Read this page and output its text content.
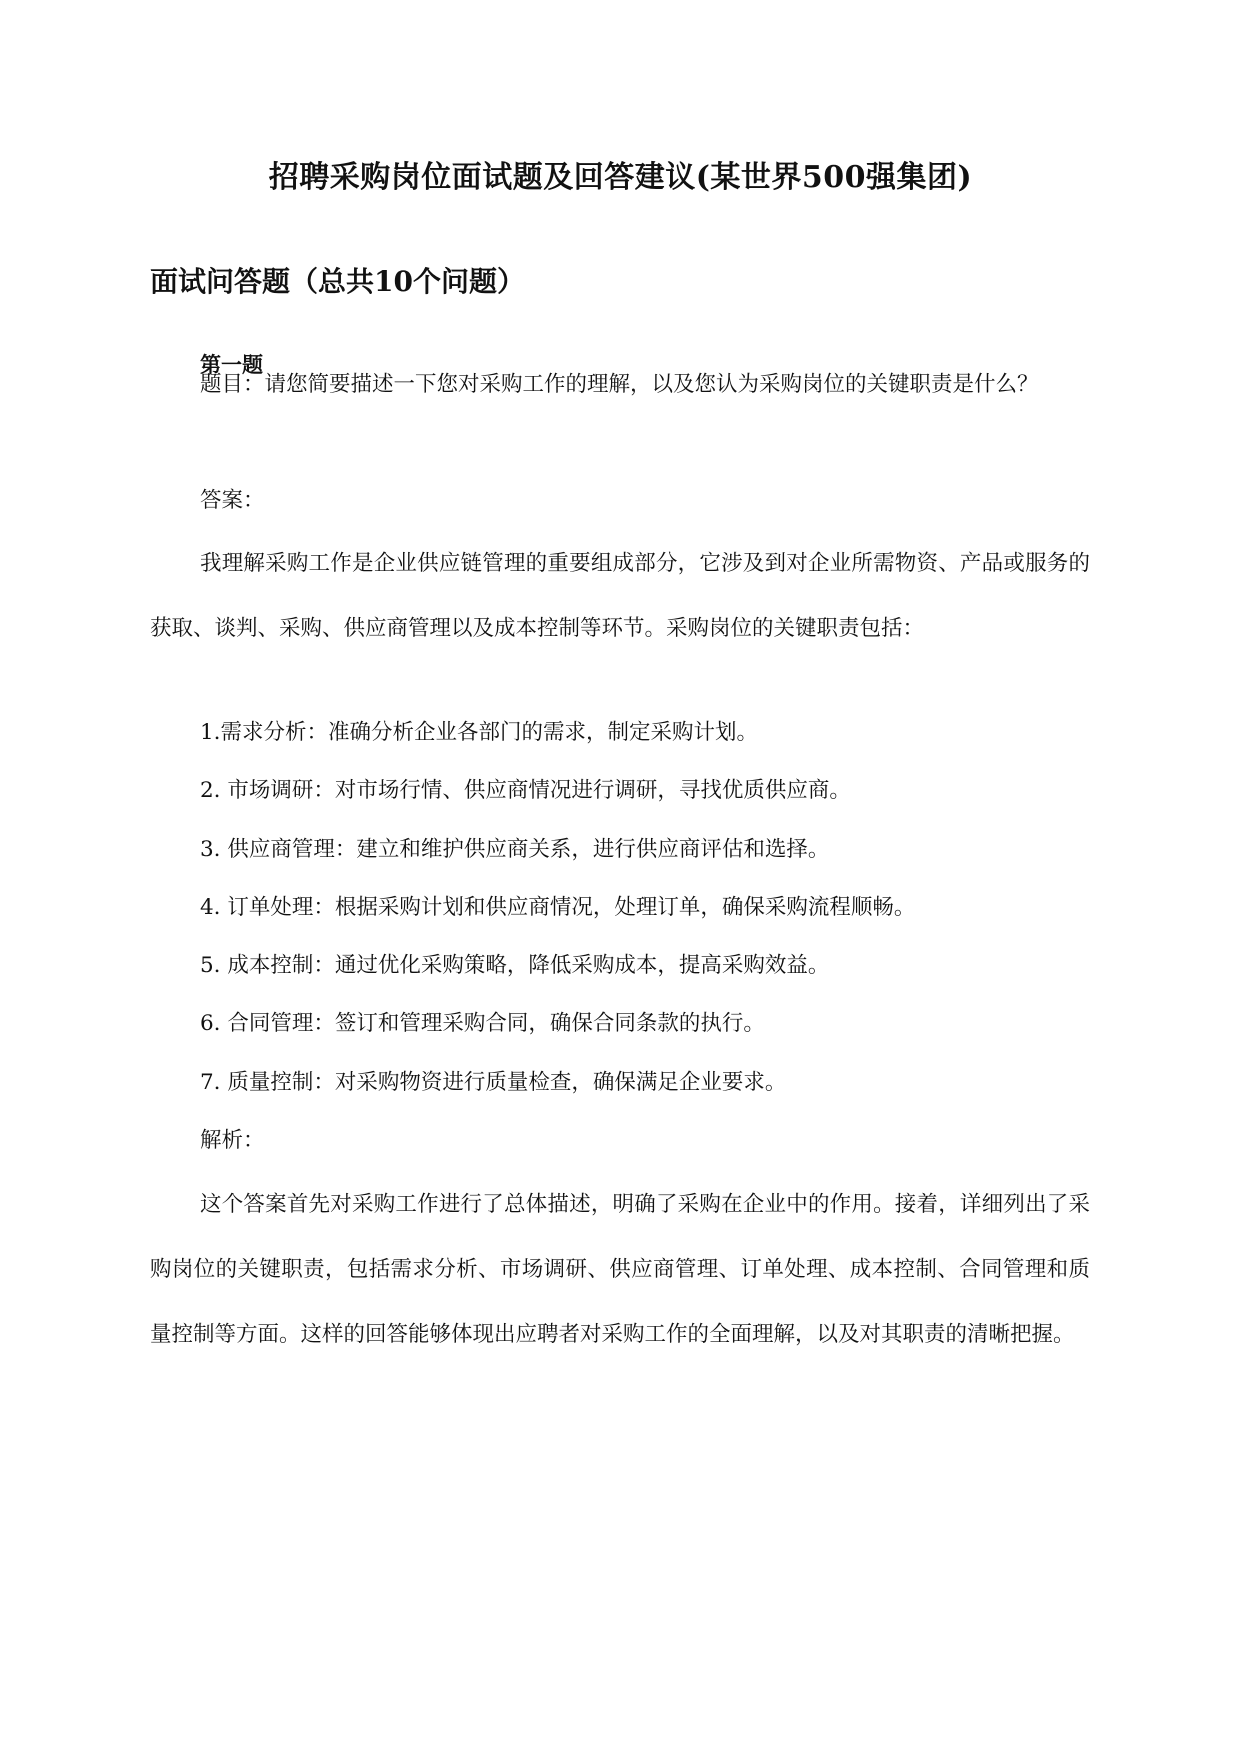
招聘采购岗位面试题及回答建议(某世界500强集团)
面试问答题（总共10个问题）
第一题

题目：请您简要描述一下您对采购工作的理解，以及您认为采购岗位的关键职责是什么？

答案：

我理解采购工作是企业供应链管理的重要组成部分，它涉及到对企业所需物资、产品或服务的获取、谈判、采购、供应商管理以及成本控制等环节。采购岗位的关键职责包括：

1.需求分析：准确分析企业各部门的需求，制定采购计划。
2. 市场调研：对市场行情、供应商情况进行调研，寻找优质供应商。
3. 供应商管理：建立和维护供应商关系，进行供应商评估和选择。
4. 订单处理：根据采购计划和供应商情况，处理订单，确保采购流程顺畅。
5. 成本控制：通过优化采购策略，降低采购成本，提高采购效益。
6. 合同管理：签订和管理采购合同，确保合同条款的执行。
7. 质量控制：对采购物资进行质量检查，确保满足企业要求。
解析：

这个答案首先对采购工作进行了总体描述，明确了采购在企业中的作用。接着，详细列出了采购岗位的关键职责，包括需求分析、市场调研、供应商管理、订单处理、成本控制、合同管理和质量控制等方面。这样的回答能够体现出应聘者对采购工作的全面理解，以及对其职责的清晰把握。
